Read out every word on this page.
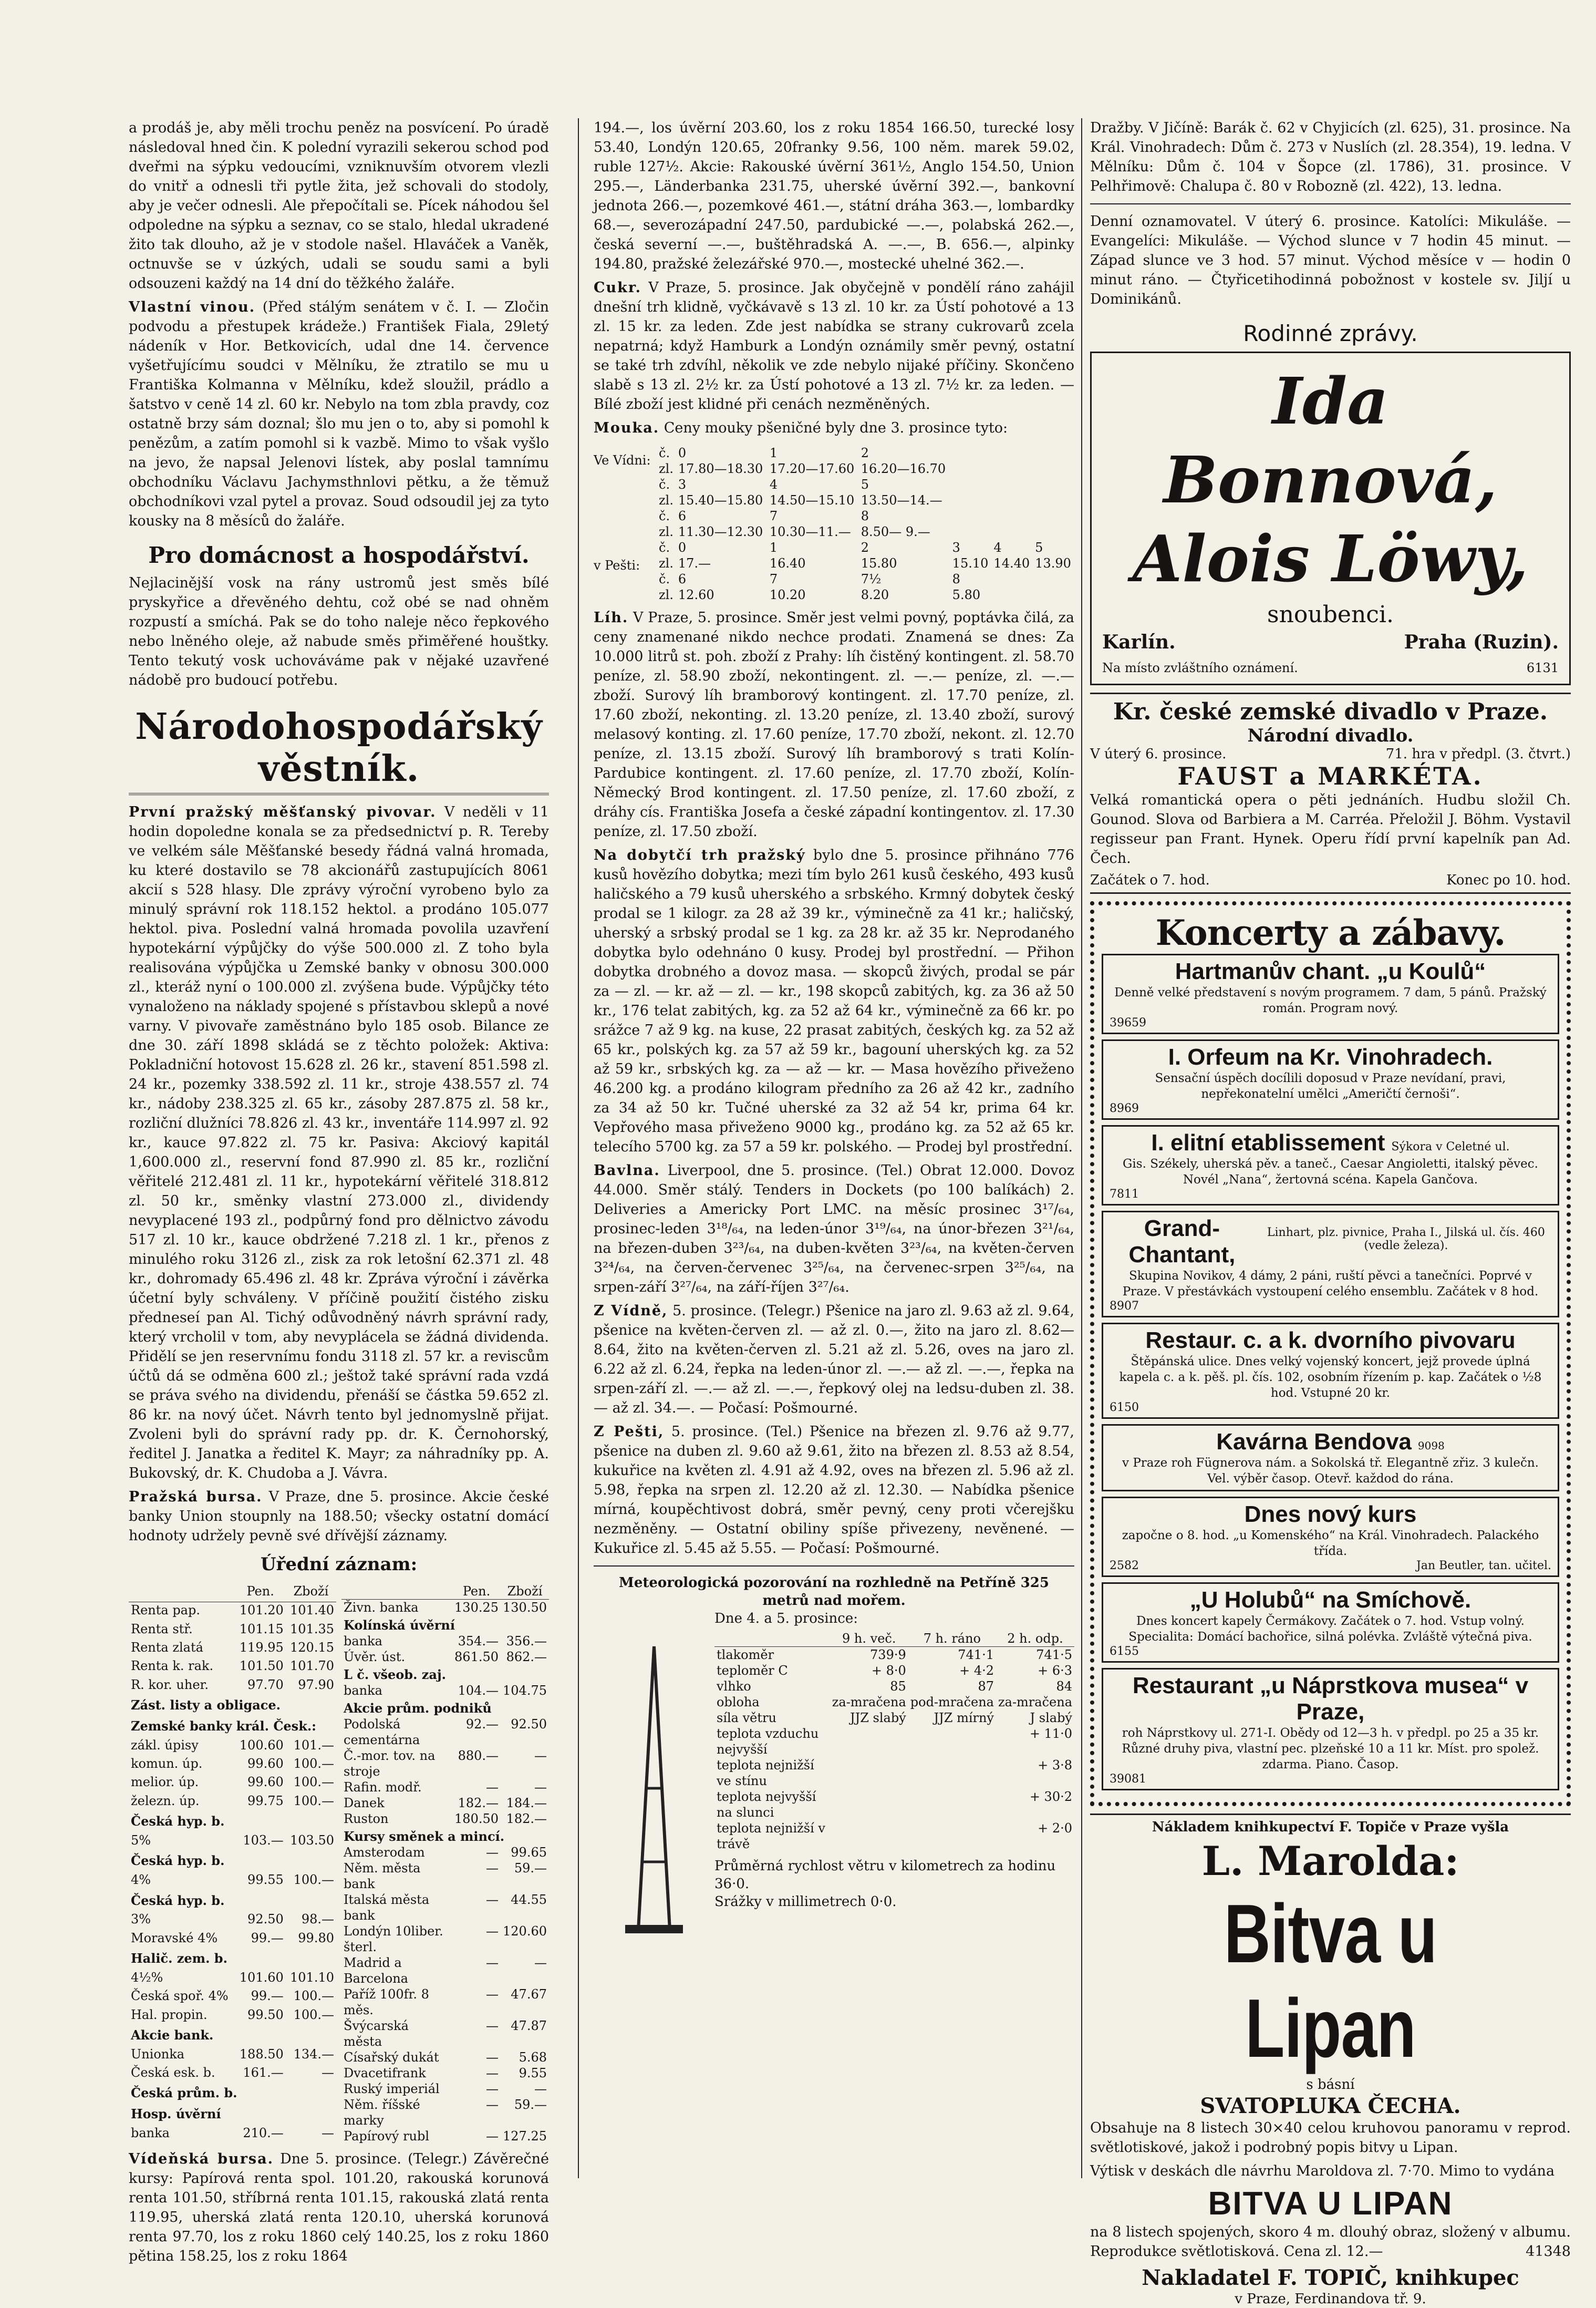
a prodáš je, aby měli trochu peněz na posvícení. Po úradě následoval hned čin. K polední vyrazili sekerou schod pod dveřmi na sýpku vedoucími, vzniknuvším otvorem vlezli do vnitř a odnesli tři pytle žita, jež schovali do stodoly, aby je večer odnesli. Ale přepočítali se. Pícek náhodou šel odpoledne na sýpku a seznav, co se stalo, hledal ukradené žito tak dlouho, až je v stodole našel. Hlaváček a Vaněk, octnuvše se v úzkých, udali se soudu sami a byli odsouzeni každý na 14 dní do těžkého žaláře.

Vlastní vinou. (Před stálým senátem v č. I. — Zločin podvodu a přestupek krádeže.) František Fiala, 29letý nádeník v Hor. Betkovicích, udal dne 14. července vyšetřujícímu soudci v Mělníku, že ztratilo se mu u Františka Kolmanna v Mělníku, kdež sloužil, prádlo a šatstvo v ceně 14 zl. 60 kr. Nebylo na tom zbla pravdy, coz ostatně brzy sám doznal; šlo mu jen o to, aby si pomohl k penězům, a zatím pomohl si k vazbě. Mimo to však vyšlo na jevo, že napsal Jelenovi lístek, aby poslal tamnímu obchodníku Václavu Jachymsthnlovi pětku, a že těmuž obchodníkovi vzal pytel a provaz. Soud odsoudil jej za tyto kousky na 8 měsíců do žaláře.

Pro domácnost a hospodářství.

Nejlacinější vosk na rány ustromů jest směs bílé pryskyřice a dřevěného dehtu, což obé se nad ohněm rozpustí a smíchá. Pak se do toho naleje něco řepkového nebo lněného oleje, až nabude směs přiměřené houštky. Tento tekutý vosk uchováváme pak v nějaké uzavřené nádobě pro budoucí potřebu.

Národohospodářský věstník.

První pražský měšťanský pivovar. V neděli v 11 hodin dopoledne konala se za předsednictví p. R. Tereby ve velkém sále Měšťanské besedy řádná valná hromada, ku které dostavilo se 78 akcionářů zastupujících 8061 akcií s 528 hlasy. Dle zprávy výroční vyrobeno bylo za minulý správní rok 118.152 hektol. a prodáno 105.077 hektol. piva. Poslední valná hromada povolila uzavření hypotekární výpůjčky do výše 500.000 zl. Z toho byla realisována výpůjčka u Zemské banky v obnosu 300.000 zl., kteráž nyní o 100.000 zl. zvýšena bude. Výpůjčky této vynaloženo na náklady spojené s přístavbou sklepů a nové varny. V pivovaře zaměstnáno bylo 185 osob. Bilance ze dne 30. září 1898 skládá se z těchto položek: Aktiva: Pokladniční hotovost 15.628 zl. 26 kr., stavení 851.598 zl. 24 kr., pozemky 338.592 zl. 11 kr., stroje 438.557 zl. 74 kr., nádoby 238.325 zl. 65 kr., zásoby 287.875 zl. 58 kr., rozliční dlužníci 78.826 zl. 43 kr., inventáře 114.997 zl. 92 kr., kauce 97.822 zl. 75 kr. Pasiva: Akciový kapitál 1,600.000 zl., reservní fond 87.990 zl. 85 kr., rozliční věřitelé 212.481 zl. 11 kr., hypotekární věřitelé 318.812 zl. 50 kr., směnky vlastní 273.000 zl., dividendy nevyplacené 193 zl., podpůrný fond pro dělnictvo závodu 517 zl. 10 kr., kauce obdržené 7.218 zl. 1 kr., přenos z minulého roku 3126 zl., zisk za rok letošní 62.371 zl. 48 kr., dohromady 65.496 zl. 48 kr. Zpráva výroční i závěrka účetní byly schváleny. V příčině použití čistého zisku předneseí pan Al. Tichý odůvodněný návrh správní rady, který vrcholil v tom, aby nevyplácela se žádná dividenda. Přidělí se jen reservnímu fondu 3118 zl. 57 kr. a reviscům účtů dá se odměna 600 zl.; ještož také správní rada vzdá se práva svého na dividendu, přenáší se částka 59.652 zl. 86 kr. na nový účet. Návrh tento byl jednomyslně přijat. Zvoleni byli do správní rady pp. dr. K. Černohorský, ředitel J. Janatka a ředitel K. Mayr; za náhradníky pp. A. Bukovský, dr. K. Chudoba a J. Vávra.

Pražská bursa. V Praze, dne 5. prosince. Akcie české banky Union stoupnly na 188.50; všecky ostatní domácí hodnoty udržely pevně své dřívější záznamy.

Úřední záznam:
	Pen.	Zboží
Renta pap.	101.20	101.40
Renta stř.	101.15	101.35
Renta zlatá	119.95	120.15
Renta k. rak.	101.50	101.70
R. kor. uher.	97.70	97.90
Zást. listy a obligace.		
Zemské banky král. Česk.:		
zákl. úpisy	100.60	101.—
komun. úp.	99.60	100.—
melior. úp.	99.60	100.—
železn. úp.	99.75	100.—
Česká hyp. b.		
5%	103.—	103.50
Česká hyp. b.		
4%	99.55	100.—
Česká hyp. b.		
3%	92.50	98.—
Moravské 4%	99.—	99.80
Halič. zem. b.		
4½%	101.60	101.10
Česká spoř. 4%	99.—	100.—
Hal. propin.	99.50	100.—
Akcie bank.		
Unionka	188.50	134.—
Česká esk. b.	161.—	—
Česká prům. b.		
Hosp. úvěrní		
banka	210.—	—
	Pen.	Zboží
Živn. banka	130.25	130.50
Kolínská úvěrní		
banka	354.—	356.—
Úvěr. úst.	861.50	862.—
L č. všeob. zaj.		
banka	104.—	104.75
Akcie prům. podniků		
Podolská cementárna	92.—	92.50
Č.-mor. tov. na stroje	880.—	—
Rafin. modř.	—	—
Danek	182.—	184.—
Ruston	180.50	182.—
Kursy směnek a mincí.		
Amsterodam	—	99.65
Něm. města bank	—	59.—
Italská města bank	—	44.55
Londýn 10liber. šterl.	—	120.60
Madrid a Barcelona	—	—
Paříž 100fr. 8 měs.	—	47.67
Švýcarská města	—	47.87
Císařský dukát	—	5.68
Dvacetifrank	—	9.55
Ruský imperiál	—	—
Něm. říšské marky	—	59.—
Papírový rubl	—	127.25

Vídeňská bursa. Dne 5. prosince. (Telegr.) Závěrečné kursy: Papírová renta spol. 101.20, rakouská korunová renta 101.50, stříbrná renta 101.15, rakouská zlatá renta 119.95, uherská zlatá renta 120.10, uherská korunová renta 97.70, los z roku 1860 celý 140.25, los z roku 1860 pětina 158.25, los z roku 1864

194.—, los úvěrní 203.60, los z roku 1854 166.50, turecké losy 53.40, Londýn 120.65, 20franky 9.56, 100 něm. marek 59.02, ruble 127½. Akcie: Rakouské úvěrní 361½, Anglo 154.50, Union 295.—, Länderbanka 231.75, uherské úvěrní 392.—, bankovní jednota 266.—, pozemkové 461.—, státní dráha 363.—, lombardky 68.—, severozápadní 247.50, pardubické —.—, polabská 262.—, česká severní —.—, buštěhradská A. —.—, B. 656.—, alpinky 194.80, pražské železářské 970.—, mostecké uhelné 362.—.

Cukr. V Praze, 5. prosince. Jak obyčejně v pondělí ráno zahájil dnešní trh klidně, vyčkávavě s 13 zl. 10 kr. za Ústí pohotové a 13 zl. 15 kr. za leden. Zde jest nabídka se strany cukrovarů zcela nepatrná; když Hamburk a Londýn oznámily směr pevný, ostatní se také trh zdvíhl, několik ve zde nebylo nijaké příčiny. Skončeno slabě s 13 zl. 2½ kr. za Ústí pohotové a 13 zl. 7½ kr. za leden. — Bílé zboží jest klidné při cenách nezměněných.

Mouka. Ceny mouky pšeničné byly dne 3. prosince tyto:

Ve Vídni:
v Pešti:
č.	0	1	2			
zl.	17.80—18.30	17.20—17.60	16.20—16.70			
č.	3	4	5			
zl.	15.40—15.80	14.50—15.10	13.50—14.—			
č.	6	7	8			
zl.	11.30—12.30	10.30—11.—	8.50— 9.—			
č.	0	1	2	3	4	5
zl.	17.—	16.40	15.80	15.10	14.40	13.90
č.	6	7	7½	8		
zl.	12.60	10.20	8.20	5.80		

Líh. V Praze, 5. prosince. Směr jest velmi povný, poptávka čilá, za ceny znamenané nikdo nechce prodati. Znamená se dnes: Za 10.000 litrů st. poh. zboží z Prahy: líh čistěný kontingent. zl. 58.70 peníze, zl. 58.90 zboží, nekontingent. zl. —.— peníze, zl. —.— zboží. Surový líh bramborový kontingent. zl. 17.70 peníze, zl. 17.60 zboží, nekonting. zl. 13.20 peníze, zl. 13.40 zboží, surový melasový konting. zl. 17.60 peníze, 17.70 zboží, nekont. zl. 12.70 peníze, zl. 13.15 zboží. Surový líh bramborový s trati Kolín-Pardubice kontingent. zl. 17.60 peníze, zl. 17.70 zboží, Kolín-Německý Brod kontingent. zl. 17.50 peníze, zl. 17.60 zboží, z dráhy cís. Františka Josefa a české západní kontingentov. zl. 17.30 peníze, zl. 17.50 zboží.

Na dobytčí trh pražský bylo dne 5. prosince přihnáno 776 kusů hovězího dobytka; mezi tím bylo 261 kusů českého, 493 kusů haličského a 79 kusů uherského a srbského. Krmný dobytek český prodal se 1 kilogr. za 28 až 39 kr., výminečně za 41 kr.; haličský, uherský a srbský prodal se 1 kg. za 28 kr. až 35 kr. Neprodaného dobytka bylo odehnáno 0 kusy. Prodej byl prostřední. — Přihon dobytka drobného a dovoz masa. — skopců živých, prodal se pár za — zl. — kr. až — zl. — kr., 198 skopců zabitých, kg. za 36 až 50 kr., 176 telat zabitých, kg. za 52 až 64 kr., výminečně za 66 kr. po srážce 7 až 9 kg. na kuse, 22 prasat zabitých, českých kg. za 52 až 65 kr., polských kg. za 57 až 59 kr., bagouní uherských kg. za 52 až 59 kr., srbských kg. za — až — kr. — Masa hovězího přiveženo 46.200 kg. a prodáno kilogram předního za 26 až 42 kr., zadního za 34 až 50 kr. Tučné uherské za 32 až 54 kr, prima 64 kr. Vepřového masa přiveženo 9000 kg., prodáno kg. za 52 až 65 kr. telecího 5700 kg. za 57 a 59 kr. polského. — Prodej byl prostřední.

Bavlna. Liverpool, dne 5. prosince. (Tel.) Obrat 12.000. Dovoz 44.000. Směr stálý. Tenders in Dockets (po 100 balíkách) 2. Deliveries a Americky Port LMC. na měsíc prosinec 3¹⁷/₆₄, prosinec-leden 3¹⁸/₆₄, na leden-únor 3¹⁹/₆₄, na únor-březen 3²¹/₆₄, na březen-duben 3²³/₆₄, na duben-květen 3²³/₆₄, na květen-červen 3²⁴/₆₄, na červen-červenec 3²⁵/₆₄, na červenec-srpen 3²⁵/₆₄, na srpen-září 3²⁷/₆₄, na září-říjen 3²⁷/₆₄.

Z Vídně, 5. prosince. (Telegr.) Pšenice na jaro zl. 9.63 až zl. 9.64, pšenice na květen-červen zl. — až zl. 0.—, žito na jaro zl. 8.62—8.64, žito na květen-červen zl. 5.21 až zl. 5.26, oves na jaro zl. 6.22 až zl. 6.24, řepka na leden-únor zl. —.— až zl. —.—, řepka na srpen-září zl. —.— až zl. —.—, řepkový olej na ledsu-duben zl. 38.— až zl. 34.—. — Počasí: Pošmourné.

Z Pešti, 5. prosince. (Tel.) Pšenice na březen zl. 9.76 až 9.77, pšenice na duben zl. 9.60 až 9.61, žito na březen zl. 8.53 až 8.54, kukuřice na květen zl. 4.91 až 4.92, oves na březen zl. 5.96 až zl. 5.98, řepka na srpen zl. 12.20 až zl. 12.30. — Nabídka pšenice mírná, koupěchtivost dobrá, směr pevný, ceny proti včerejšku nezměněny. — Ostatní obiliny spíše přivezeny, nevěnené. — Kukuřice zl. 5.45 až 5.55. — Počasí: Pošmourné.

Meteorologická pozorování na rozhledně na Petříně 325 metrů nad mořem.
Dne 4. a 5. prosince:
	9 h. več.	7 h. ráno	2 h. odp.
tlakoměr	739·9	741·1	741·5
teploměr C	+ 8·0	+ 4·2	+ 6·3
vlhko	85	87	84
obloha	za-mračena	pod-mračena	za-mračena
síla větru	JJZ slabý	JJZ mírný	J slabý
teplota vzduchu nejvyšší			+ 11·0
teplota nejnižší ve stínu			+ 3·8
teplota nejvyšší na slunci			+ 30·2
teplota nejnižší v trávě			+ 2·0
Průměrná rychlost větru v kilometrech za hodinu 36·0.
Srážky v millimetrech 0·0.

Dražby. V Jičíně: Barák č. 62 v Chyjicích (zl. 625), 31. prosince. Na Král. Vinohradech: Dům č. 273 v Nuslích (zl. 28.354), 19. ledna. V Mělníku: Dům č. 104 v Šopce (zl. 1786), 31. prosince. V Pelhřimově: Chalupa č. 80 v Robozně (zl. 422), 13. ledna.

Denní oznamovatel. V úterý 6. prosince. Katolíci: Mikuláše. — Evangelíci: Mikuláše. — Východ slunce v 7 hodin 45 minut. — Západ slunce ve 3 hod. 57 minut. Východ měsíce v — hodin 0 minut ráno. — Čtyřicetihodinná pobožnost v kostele sv. Jiljí u Dominikánů.

Rodinné zprávy.
Ida Bonnová,
Alois Löwy,
snoubenci.
Karlín.	Praha (Ruzin).
Na místo zvláštního oznámení.	6131
Kr. české zemské divadlo v Praze.
Národní divadlo.
V úterý 6. prosince.	71. hra v předpl. (3. čtvrt.)
FAUST a MARKÉTA.

Velká romantická opera o pěti jednáních. Hudbu složil Ch. Gounod. Slova od Barbiera a M. Carréa. Přeložil J. Böhm. Vystavil regisseur pan Frant. Hynek. Operu řídí první kapelník pan Ad. Čech.

Začátek o 7. hod.	Konec po 10. hod.
Koncerty a zábavy.
Hartmanův chant. „u Koulů“
Denně velké představení s novým programem. 7 dam, 5 pánů. Pražský román. Program nový.
39659
I. Orfeum na Kr. Vinohradech.
Sensační úspěch docílili doposud v Praze nevídaní, pravi, nepřekonatelní umělci „Američtí černoši“.
8969
I. elitní etablissement Sýkora v Celetné ul.
Gis. Székely, uherská pěv. a taneč., Caesar Angioletti, italský pěvec. Novél „Nana“, žertovná scéna. Kapela Gančova.
7811
Grand-Chantant,
Linhart, plz. pivnice, Praha I., Jilská ul. čís. 460 (vedle železa).
Skupina Novikov, 4 dámy, 2 páni, ruští pěvci a tanečníci. Poprvé v Praze. V přestávkách vystoupení celého ensemblu. Začátek v 8 hod.
8907
Restaur. c. a k. dvorního pivovaru
Štěpánská ulice. Dnes velký vojenský koncert, jejž provede úplná kapela c. a k. pěš. pl. čís. 102, osobním řízením p. kap. Začátek o ½8 hod. Vstupné 20 kr.
6150
Kavárna Bendova 9098
v Praze roh Fügnerova nám. a Sokolská tř. Elegantně zřiz. 3 kulečn. Vel. výběr časop. Otevř. každod do rána.
Dnes nový kurs
započne o 8. hod. „u Komenského“ na Král. Vinohradech. Palackého třída.
2582	Jan Beutler, tan. učitel.
„U Holubů“ na Smíchově.
Dnes koncert kapely Čermákovy. Začátek o 7. hod. Vstup volný. Specialita: Domácí bachořice, silná polévka. Zvláště výtečná piva.
6155
Restaurant „u Náprstkova musea“ v Praze,
roh Náprstkovy ul. 271-I. Obědy od 12—3 h. v předpl. po 25 a 35 kr. Různé druhy piva, vlastní pec. plzeňské 10 a 11 kr. Míst. pro spolež. zdarma. Piano. Časop.
39081
Nákladem knihkupectví F. Topiče v Praze vyšla
L. Marolda:
Bitva u Lipan
s básní
SVATOPLUKA ČECHA.

Obsahuje na 8 listech 30×40 celou kruhovou panoramu v reprod. světlotiskové, jakož i podrobný popis bitvy u Lipan.

Výtisk v deskách dle návrhu Maroldova zl. 7·70. Mimo to vydána

BITVA U LIPAN

na 8 listech spojených, skoro 4 m. dlouhý obraz, složený v albumu. Reprodukce světlotisková. Cena zl. 12.—	41348

Nakladatel F. TOPIČ, knihkupec
v Praze, Ferdinandova tř. 9.
